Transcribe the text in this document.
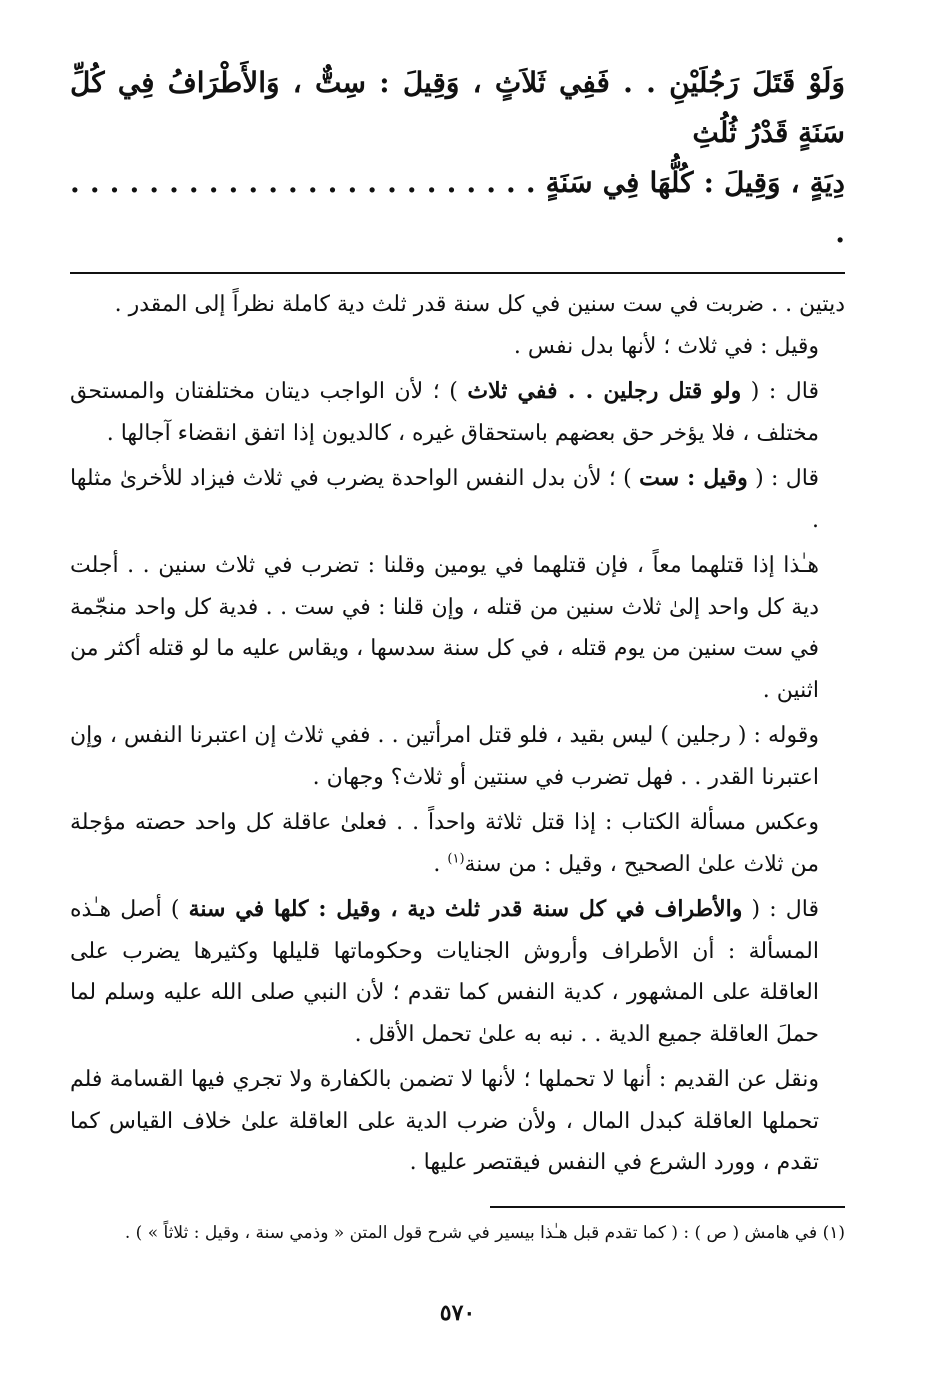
وَلَوْ قَتَلَ رَجُلَيْنِ . . فَفِي ثَلاَثٍ ، وَقِيلَ : سِتٌّ ، وَالأَطْرَافُ فِي كُلِّ سَنَةٍ قَدْرُ ثُلُثِ
دِيَةٍ ، وَقِيلَ : كُلُّهَا فِي سَنَةٍ . . . . . . . . . . . . . . . . . . . . . . . . .

ديتين . . ضربت في ست سنين في كل سنة قدر ثلث دية كاملة نظراً إلى المقدر .

وقيل : في ثلاث ؛ لأنها بدل نفس .

قال : ( ولو قتل رجلين . . ففي ثلاث ) ؛ لأن الواجب ديتان مختلفتان والمستحق مختلف ، فلا يؤخر حق بعضهم باستحقاق غيره ، كالديون إذا اتفق انقضاء آجالها .

قال : ( وقيل : ست ) ؛ لأن بدل النفس الواحدة يضرب في ثلاث فيزاد للأخرىٰ مثلها .

هـٰذا إذا قتلهما معاً ، فإن قتلهما في يومين وقلنا : تضرب في ثلاث سنين . . أجلت دية كل واحد إلىٰ ثلاث سنين من قتله ، وإن قلنا : في ست . . فدية كل واحد منجّمة في ست سنين من يوم قتله ، في كل سنة سدسها ، ويقاس عليه ما لو قتله أكثر من اثنين .

وقوله : ( رجلين ) ليس بقيد ، فلو قتل امرأتين . . ففي ثلاث إن اعتبرنا النفس ، وإن اعتبرنا القدر . . فهل تضرب في سنتين أو ثلاث؟ وجهان .

وعكس مسألة الكتاب : إذا قتل ثلاثة واحداً . . فعلىٰ عاقلة كل واحد حصته مؤجلة من ثلاث علىٰ الصحيح ، وقيل : من سنة$^{(١)}$ .

قال : ( والأطراف في كل سنة قدر ثلث دية ، وقيل : كلها في سنة ) أصل هـٰذه المسألة : أن الأطراف وأروش الجنايات وحكوماتها قليلها وكثيرها يضرب على العاقلة على المشهور ، كدية النفس كما تقدم ؛ لأن النبي صلى الله عليه وسلم لما حملَ العاقلة جميع الدية . . نبه به علىٰ تحمل الأقل .

ونقل عن القديم : أنها لا تحملها ؛ لأنها لا تضمن بالكفارة ولا تجري فيها القسامة فلم تحملها العاقلة كبدل المال ، ولأن ضرب الدية على العاقلة علىٰ خلاف القياس كما تقدم ، وورد الشرع في النفس فيقتصر عليها .

(١) في هامش ( ص ) : ( كما تقدم قبل هـٰذا بيسير في شرح قول المتن « وذمي سنة ، وقيل : ثلاثاً » ) .

٥٧٠
